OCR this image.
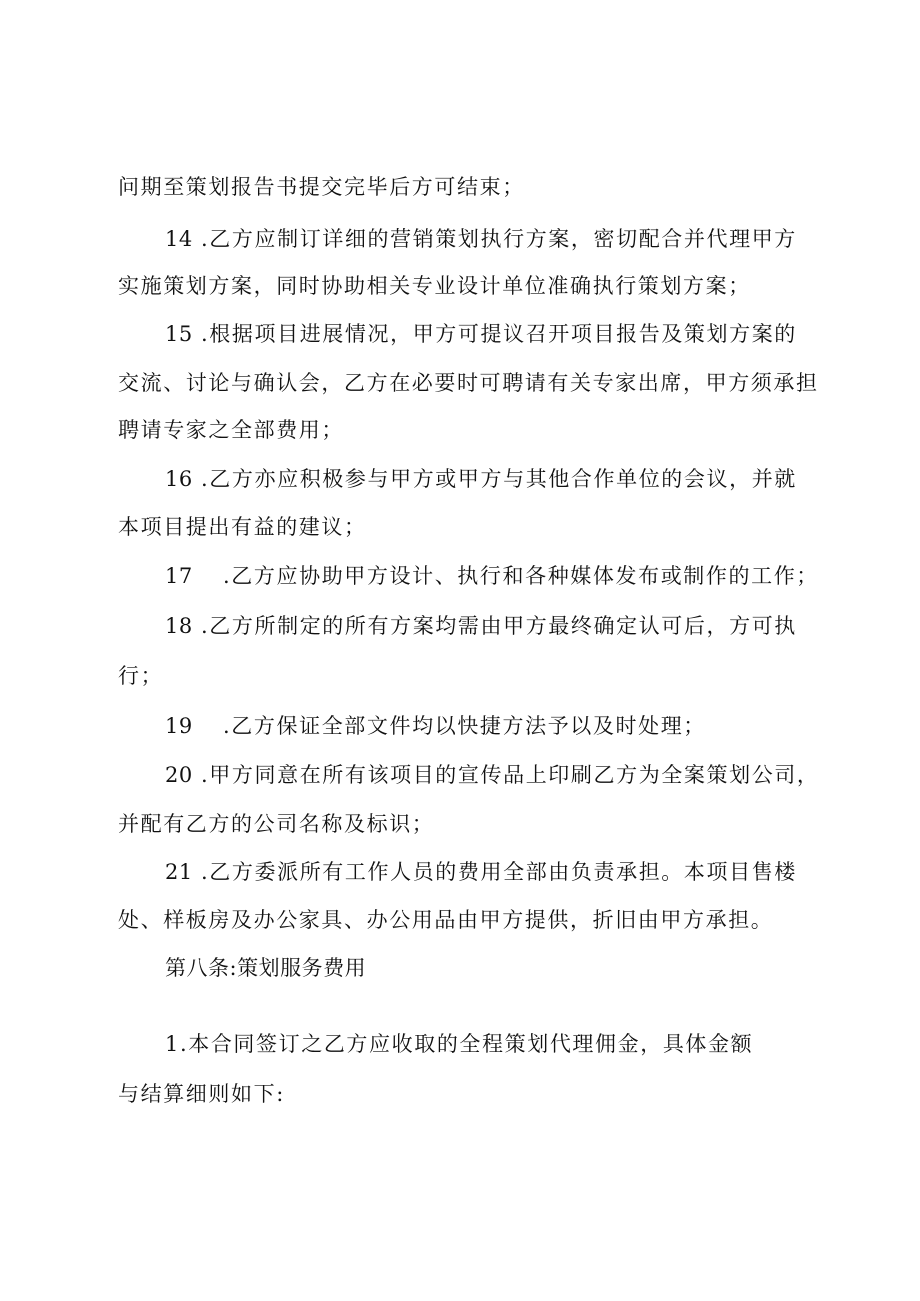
问期至策划报告书提交完毕后方可结束；
14 .乙方应制订详细的营销策划执行方案，密切配合并代理甲方
实施策划方案，同时协助相关专业设计单位准确执行策划方案；
15 .根据项目进展情况，甲方可提议召开项目报告及策划方案的
交流、讨论与确认会，乙方在必要时可聘请有关专家出席，甲方须承担
聘请专家之全部费用；
16 .乙方亦应积极参与甲方或甲方与其他合作单位的会议，并就
本项目提出有益的建议；
17 .乙方应协助甲方设计、执行和各种媒体发布或制作的工作；
18 .乙方所制定的所有方案均需由甲方最终确定认可后，方可执
行；
19 .乙方保证全部文件均以快捷方法予以及时处理；
20 .甲方同意在所有该项目的宣传品上印刷乙方为全案策划公司，
并配有乙方的公司名称及标识；
21 .乙方委派所有工作人员的费用全部由负责承担。本项目售楼
处、样板房及办公家具、办公用品由甲方提供，折旧由甲方承担。
第八条:策划服务费用
1.本合同签订之乙方应收取的全程策划代理佣金，具体金额
与结算细则如下:
